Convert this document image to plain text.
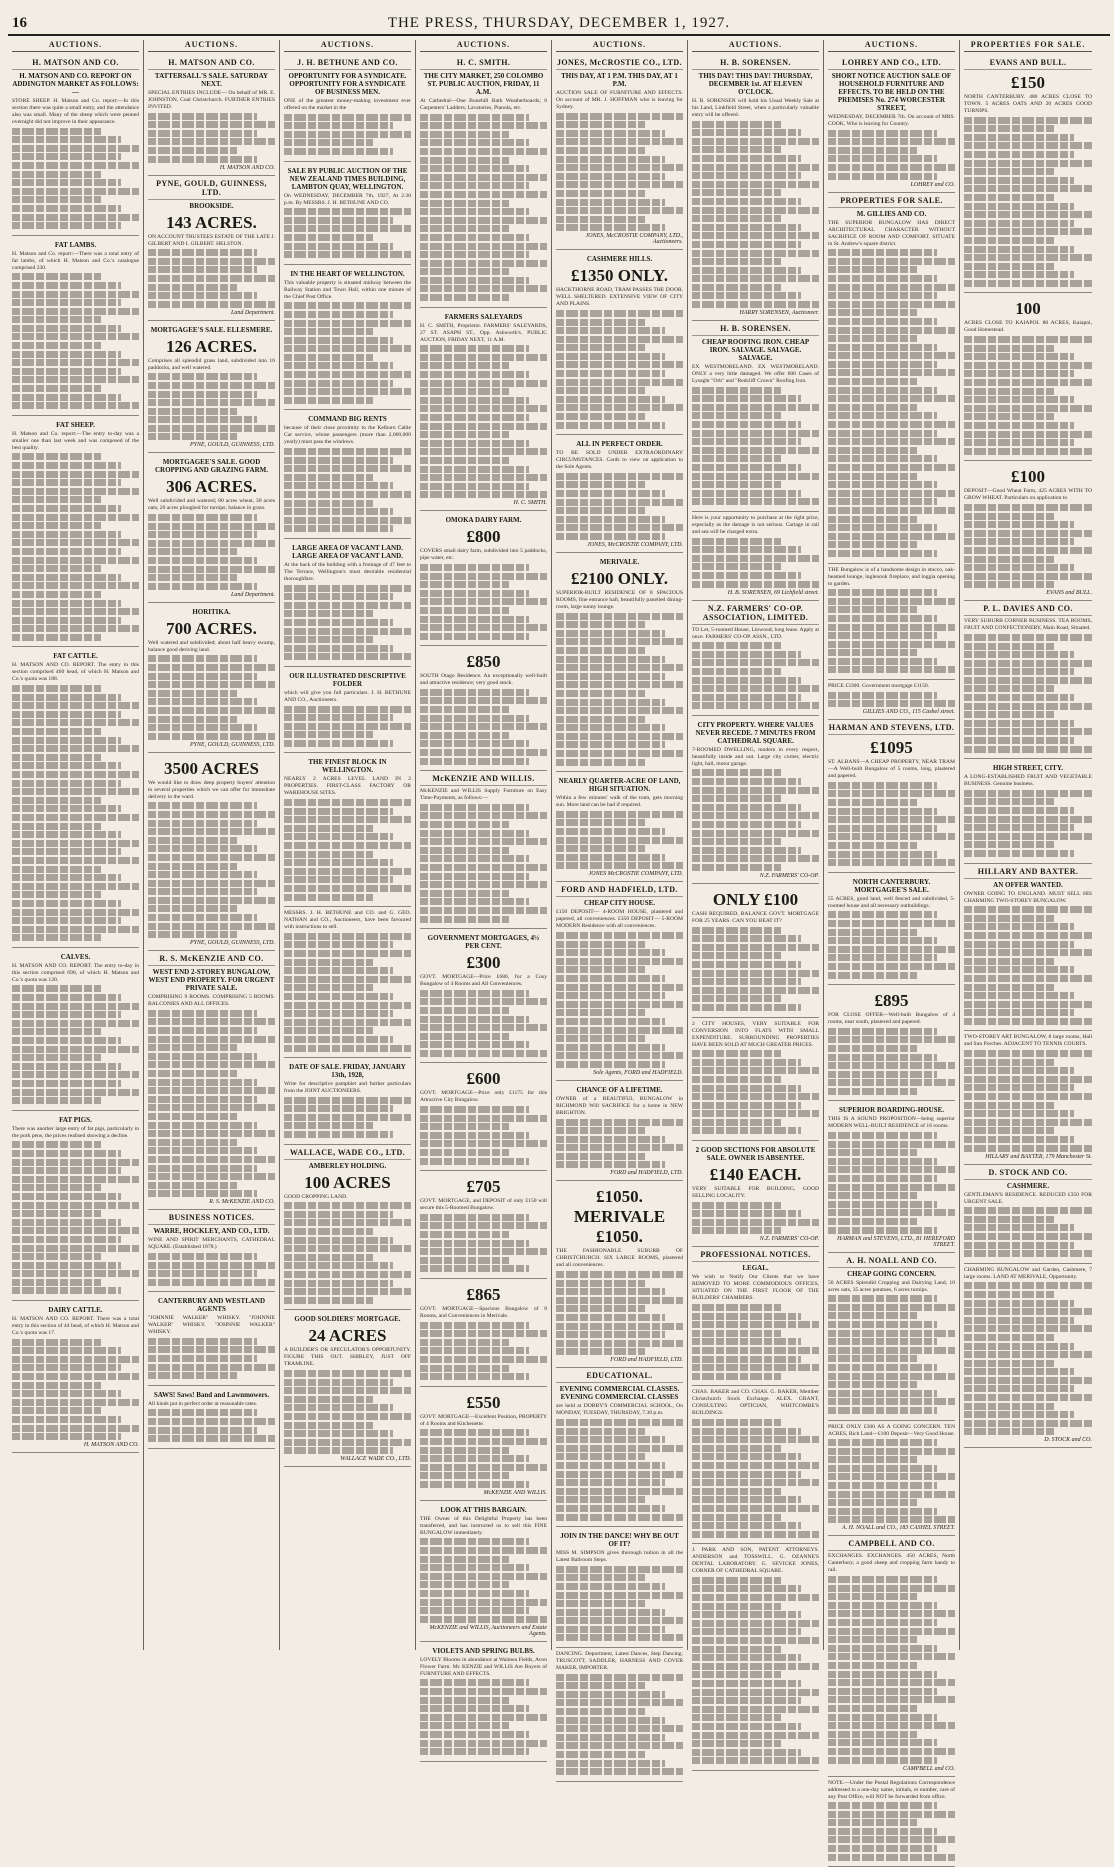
16	THE PRESS, THURSDAY, DECEMBER 1, 1927.
AUCTIONS.
H. MATSON AND CO.
H. MATSON AND CO. REPORT ON ADDINGTON MARKET AS FOLLOWS:—
STORE SHEEP. H. Matson and Co. report:—In this section there was quite a small entry, and the attendance also was small. Many of the sheep which were penned overnight did not improve in their appearance.
FAT LAMBS.
H. Matson and Co. report:—There was a total entry of fat lambs, of which H. Matson and Co.'s catalogue comprised 230.
FAT SHEEP.
H. Matson and Co. report:—The entry to-day was a smaller one than last week and was composed of the best quality.
FAT CATTLE.
H. MATSON AND CO. REPORT. The entry in this section comprised 460 head, of which H. Matson and Co.'s quota was 188.
CALVES.
H. MATSON AND CO. REPORT. The entry to-day in this section comprised 690, of which H. Matson and Co.'s quota was 120.
FAT PIGS.
There was another large entry of fat pigs, particularly in the pork pens, the prices realised showing a decline.
DAIRY CATTLE.
H. MATSON AND CO. REPORT. There was a total entry in this section of 44 head, of which H. Matson and Co.'s quota was 17.
H. MATSON AND CO.
AUCTIONS.
H. MATSON AND CO.
TATTERSALL'S SALE. SATURDAY NEXT.
SPECIAL ENTRIES INCLUDE— On behalf of MR. E. JOHNSTON, Coal Christchurch. FURTHER ENTRIES INVITED.
H. MATSON AND CO.
PYNE, GOULD, GUINNESS, LTD.
BROOKSIDE.
143 ACRES.
ON ACCOUNT TRUSTEES ESTATE OF THE LATE J. GILBERT AND I. GILBERT. HELSTON.
Land Department.
MORTGAGEE'S SALE. ELLESMERE.
126 ACRES.
Comprises all splendid grass land, subdivided into 16 paddocks, and well watered.
PYNE, GOULD, GUINNESS, LTD.
MORTGAGEE'S SALE. GOOD CROPPING AND GRAZING FARM.
306 ACRES.
Well subdivided and watered; 80 acres wheat, 30 acres oats, 20 acres ploughed for turnips; balance in grass.
Land Department.
HORITIKA.
700 ACRES.
Well watered and subdivided; about half heavy swamp, balance good deriving land.
PYNE, GOULD, GUINNESS, LTD.
3500 ACRES
We would like to draw deep property buyers' attention to several properties which we can offer for immediate delivery in the ward.
PYNE, GOULD, GUINNESS, LTD.
R. S. McKENZIE AND CO.
WEST END 2-STOREY BUNGALOW, WEST END PROPERTY. FOR URGENT PRIVATE SALE.
COMPRISING 9 ROOMS. COMPRISING 5 ROOMS. BALCONIES AND ALL OFFICES.
R. S. McKENZIE AND CO.
BUSINESS NOTICES.
WARRE, HOCKLEY, AND CO., LTD.
WINE AND SPIRIT MERCHANTS, CATHEDRAL SQUARE. (Established 1878.)
CANTERBURY AND WESTLAND AGENTS
"JOHNNIE WALKER" WHISKY. "JOHNNIE WALKER" WHISKY. "JOHNNIE WALKER" WHISKY.
SAWS! Saws! Band and Lawnmowers.
All kinds put in perfect order at reasonable rates.
AUCTIONS.
J. H. BETHUNE AND CO.
OPPORTUNITY FOR A SYNDICATE. OPPORTUNITY FOR A SYNDICATE OF BUSINESS MEN.
ONE of the greatest money-making investment ever offered on the market in the
SALE BY PUBLIC AUCTION OF THE NEW ZEALAND TIMES BUILDING, LAMBTON QUAY, WELLINGTON.
On WEDNESDAY, DECEMBER 7th, 1927, At 2.30 p.m. By MESSRS. J. H. BETHUNE AND CO.
IN THE HEART OF WELLINGTON.
This valuable property is situated midway between the Railway Station and Town Hall, within one minute of the Chief Post Office.
COMMAND BIG RENTS
because of their close proximity to the Kelburn Cable Car service, whose passengers (more than 2,000,000 yearly) must pass the windows.
LARGE AREA OF VACANT LAND. LARGE AREA OF VACANT LAND.
At the back of the building with a frontage of 47 feet to The Terrace, Wellington's most desirable residential thoroughfare.
OUR ILLUSTRATED DESCRIPTIVE FOLDER
which will give you full particulars. J. H. BETHUNE AND CO., Auctioneers.
THE FINEST BLOCK IN WELLINGTON.
NEARLY 2 ACRES LEVEL LAND IN 2 PROPERTIES. FIRST-CLASS FACTORY OR WAREHOUSE SITES.
MESSRS. J. H. BETHUNE and CO. and G. GEO. NATHAN and CO., Auctioneers, have been favoured with instructions to sell.
DATE OF SALE. FRIDAY, JANUARY 13th, 1928,
Write for descriptive pamphlet and further particulars from the JOINT AUCTIONEERS.
WALLACE, WADE CO., LTD.
AMBERLEY HOLDING.
100 ACRES
GOOD CROPPING LAND.
GOOD SOLDIERS' MORTGAGE.
24 ACRES
A BUILDER'S OR SPECULATOR'S OPPORTUNITY. FIGURE THIS OUT. SHIRLEY, JUST OFF TRAMLINE.
WALLACE WADE CO., LTD.
AUCTIONS.
H. C. SMITH.
THE CITY MARKET, 250 COLOMBO ST. PUBLIC AUCTION, FRIDAY, 11 A.M.
At Cathedral—One Bonehill Bath Weatherboards; 6 Carpenters' Ladders; Lavatories, Pianola, etc.
FARMERS SALEYARDS
H. C. SMITH, Proprietor. FARMERS' SALEYARDS, 27 ST. ASAPH ST., Opp. Ashworth's. PUBLIC AUCTION, FRIDAY NEXT, 11 A.M.
H. C. SMITH.
OMOKA DAIRY FARM.
£800
COVERS small dairy farm, subdivided into 5 paddocks, pipe water, etc.
£850
SOUTH Otago Residence. An exceptionally well-built and attractive residence; very good stock.
McKENZIE AND WILLIS.
McKENZIE and WILLIS Supply Furniture on Easy Time-Payments, as follows:—
GOVERNMENT MORTGAGES, 4½ PER CENT.
£300
GOVT. MORTGAGE—Price £680, for a Cosy Bungalow of 4 Rooms and All Conveniences.
£600
GOVT. MORTGAGE—Price only £1175 for this Attractive City Bungalow.
£705
GOVT. MORTGAGE, and DEPOSIT of only £150 will secure this 5-Roomed Bungalow.
£865
GOVT. MORTGAGE—Spacious Bungalow of 8 Rooms, and Conveniences in Merivale.
£550
GOVT. MORTGAGE—Excellent Position, PROPERTY of 4 Rooms and Kitchenette.
McKENZIE AND WILLIS.
LOOK AT THIS BARGAIN.
THE Owner of this Delightful Property has been transferred, and has instructed us to sell this FINE BUNGALOW immediately.
McKENZIE and WILLIS, Auctioneers and Estate Agents.
VIOLETS AND SPRING BULBS.
LOVELY Blooms in abundance at Waimea Fields, Avon Flower Farm. Mc KENZIE and WILLIS Are Buyers of FURNITURE AND EFFECTS.
AUCTIONS.
JONES, McCROSTIE CO., LTD.
THIS DAY, AT 1 P.M. THIS DAY, AT 1 P.M.
AUCTION SALE OF FURNITURE AND EFFECTS. On account of MR. J. HOFFMAN who is leaving for Sydney.
JONES, McCROSTIE COMPANY, LTD., Auctioneers.
CASHMERE HILLS.
£1350 ONLY.
HACKTHORNE ROAD, TRAM PASSES THE DOOR. WELL SHELTERED. EXTENSIVE VIEW OF CITY AND PLAINS.
ALL IN PERFECT ORDER.
TO BE SOLD UNDER EXTRAORDINARY CIRCUMSTANCES. Cards to view on application to the Sole Agents.
JONES, McCROSTIE COMPANY, LTD.
MERIVALE.
£2100 ONLY.
SUPERIOR-BUILT RESIDENCE OF 8 SPACIOUS ROOMS, fine entrance hall, beautifully panelled dining-room, large sunny lounge.
NEARLY QUARTER-ACRE OF LAND, HIGH SITUATION.
Within a few minutes' walk of the tram, gets morning sun. More land can be had if required.
JONES McCROSTIE COMPANY, LTD.
FORD AND HADFIELD, LTD.
CHEAP CITY HOUSE.
£150 DEPOSIT— 4-ROOM HOUSE, plastered and papered, all conveniences. £350 DEPOSIT— 5-ROOM MODERN Residence with all conveniences.
Sole Agents, FORD and HADFIELD.
CHANCE OF A LIFETIME.
OWNER of a BEAUTIFUL BUNGALOW in RICHMOND Will SACRIFICE for a home in NEW BRIGHTON.
FORD and HADFIELD, LTD.
£1050. MERIVALE £1050.
THE FASHIONABLE SUBURB OF CHRISTCHURCH. SIX LARGE ROOMS, plastered and all conveniences.
FORD and HADFIELD, LTD.
EDUCATIONAL.
EVENING COMMERCIAL CLASSES. EVENING COMMERCIAL CLASSES
are held at DOBBY'S COMMERCIAL SCHOOL, On MONDAY, TUESDAY, THURSDAY, 7.30 p.m.
JOIN IN THE DANCE! WHY BE OUT OF IT?
MISS M. SIMPSON gives thorough tuition in all the Latest Ballroom Steps.
DANCING. Deportment, Latest Dances, Step Dancing. TRUSCOTT, SADDLER, HARNESS AND COVER MAKER, IMPORTER.
AUCTIONS.
H. B. SORENSEN.
THIS DAY! THIS DAY! THURSDAY, DECEMBER 1st. AT ELEVEN O'CLOCK.
H. B. SORENSEN will hold his Usual Weekly Sale at his Land, Linkfield Street, when a particularly valuable entry will be offered.
HARRY SORENSEN, Auctioneer.
H. B. SORENSEN.
CHEAP ROOFING IRON. CHEAP IRON. SALVAGE. SALVAGE. SALVAGE.
EX WESTMORELAND. EX WESTMORELAND. ONLY a very little damaged. We offer 600 Cases of Lysaght "Orb" and "Redcliff Crown" Roofing Iron.
Here is your opportunity to purchase at the right price, especially as the damage is not serious. Cartage in rail and sea will be charged extra.
H. B. SORENSEN, 69 Lichfield street.
N.Z. FARMERS' CO-OP. ASSOCIATION, LIMITED.
TO Let, 5-roomed House, Linwood; long lease. Apply at once. FARMERS' CO-OP. ASSN., LTD.
CITY PROPERTY. WHERE VALUES NEVER RECEDE. 7 MINUTES FROM CATHEDRAL SQUARE.
7-ROOMED DWELLING, modern in every respect, beautifully inside and out. Large city corner, electric light, hall, motor garage.
N.Z. FARMERS' CO-OP.
ONLY £100
CASH REQUIRED, BALANCE GOVT. MORTGAGE FOR 25 YEARS. CAN YOU BEAT IT?
2 CITY HOUSES, VERY SUITABLE FOR CONVERSION INTO FLATS WITH SMALL EXPENDITURE. SURROUNDING PROPERTIES HAVE BEEN SOLD AT MUCH GREATER PRICES.
2 GOOD SECTIONS FOR ABSOLUTE SALE. OWNER IS ABSENTEE.
£140 EACH.
VERY SUITABLE FOR BUILDING, GOOD SELLING LOCALITY.
N.Z. FARMERS' CO-OP.
PROFESSIONAL NOTICES.
LEGAL.
We wish to Notify Our Clients that we have REMOVED TO MORE COMMODIOUS OFFICES, SITUATED ON THE FIRST FLOOR OF THE BUILDERS' CHAMBERS.
CHAS. BAKER and CO. CHAS. G. BAKER, Member Christchurch Stock Exchange. ALEX. GRANT, CONSULTING OPTICIAN, WHITCOMBE'S BUILDINGS.
J. PARK AND SON, PATENT ATTORNEYS. ANDERSON and TOSSWILL. G. OZANNE'S DENTAL LABORATORY. G. SEVICKE JONES, CORNER OF CATHEDRAL SQUARE.
AUCTIONS.
LOHREY AND CO., LTD.
SHORT NOTICE AUCTION SALE OF HOUSEHOLD FURNITURE AND EFFECTS. TO BE HELD ON THE PREMISES No. 274 WORCESTER STREET,
WEDNESDAY, DECEMBER 7th. On account of MRS. COOK, Who is leaving for Country.
LOHREY and CO.
PROPERTIES FOR SALE.
M. GILLIES AND CO.
THE SUPERIOR BUNGALOW HAS DIRECT ARCHITECTURAL CHARACTER WITHOUT SACRIFICE OF ROOM AND COMFORT. SITUATE in St. Andrew's square district.
THE Bungalow is of a handsome design in stucco, oak-beamed lounge, inglenook fireplace, and loggia opening to garden.
PRICE £3300. Government mortgage £1150.
GILLIES AND CO., 115 Cashel street.
HARMAN AND STEVENS, LTD.
£1095
ST. ALBANS—A CHEAP PROPERTY, NEAR TRAM—A Well-built Bungalow of 5 rooms, long, plastered and papered.
NORTH CANTERBURY. MORTGAGEE'S SALE.
55 ACRES, good land, well fenced and subdivided, 5-roomed house and all necessary outbuildings.
£895
FOR CLOSE OFFER—Well-built Bungalow of 4 rooms, near south, plastered and papered.
SUPERIOR BOARDING-HOUSE.
THIS IS A SOUND PROPOSITION—being superior MODERN WELL-BUILT RESIDENCE of 16 rooms.
HARMAN and STEVENS, LTD., 81 HEREFORD STREET.
A. H. NOALL AND CO.
CHEAP GOING CONCERN.
50 ACRES Splendid Cropping and Dairying Land, 10 acres oats, 35 acres potatoes, 6 acres turnips.
PRICE ONLY £300 AS A GOING CONCERN. TEN ACRES, Rich Land—£100 Deposit—Very Good House.
A. H. NOALL and CO., 183 CASHEL STREET.
CAMPBELL AND CO.
EXCHANGES. EXCHANGES. 450 ACRES, North Canterbury, a good sheep and cropping farm handy to rail.
CAMPBELL and CO.
NOTE.—Under the Postal Regulations Correspondence addressed to a one-day name, initials, or number, care of any Post Office, will NOT be forwarded from office.
PROPERTIES FOR SALE.
EVANS AND BULL.
£150
NORTH CANTERBURY. 480 ACRES CLOSE TO TOWN. 5 ACRES OATS AND 20 ACRES GOOD TURNIPS.
100
ACRES CLOSE TO KAIAPOI. 80 ACRES, Kaiapoi, Good Homestead.
£100
DEPOSIT—Good Wheat Farm, 425 ACRES WITH TO GROW WHEAT. Particulars on application to
EVANS and BULL.
P. L. DAVIES AND CO.
VERY SUBURB CORNER BUSINESS. TEA ROOMS, FRUIT AND CONFECTIONERY, Main Road, Situated.
HIGH STREET, CITY.
A LONG-ESTABLISHED FRUIT AND VEGETABLE BUSINESS. Genuine business.
HILLARY AND BAXTER.
AN OFFER WANTED.
OWNER GOING TO ENGLAND. MUST SELL HIS CHARMING TWO-STOREY BUNGALOW.
TWO-STOREY ART BUNGALOW, 8 large rooms, Hall and Sun Porches. ADJACENT TO TENNIS COURTS.
HILLARY and BAXTER, 179 Manchester St.
D. STOCK AND CO.
CASHMERE.
GENTLEMAN'S RESIDENCE. REDUCED £350 FOR URGENT SALE.
CHARMING BUNGALOW and Garden, Cashmere, 7 large rooms. LAND AT MERIVALE, Opportunity.
D. STOCK and CO.
